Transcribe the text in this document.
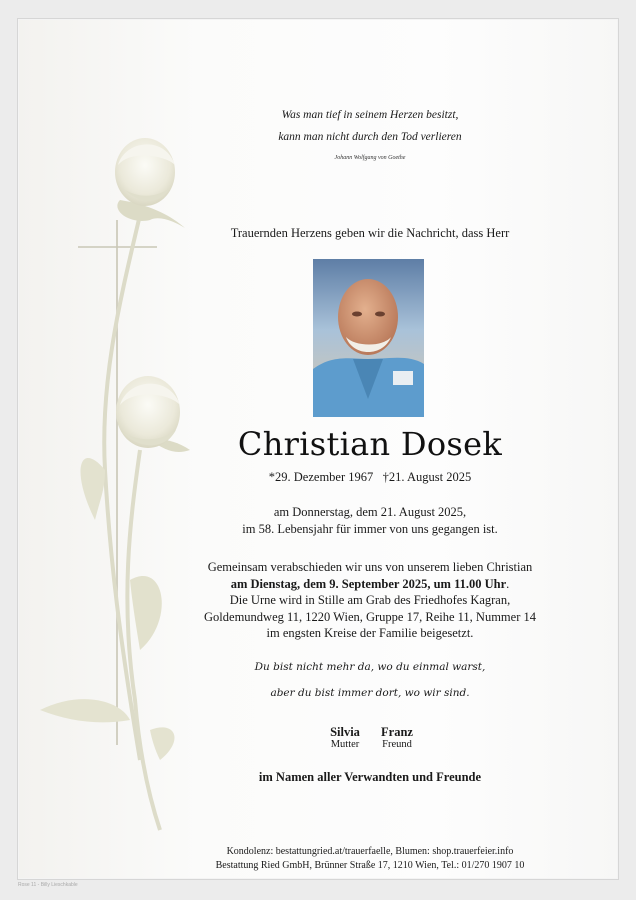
Was man tief in seinem Herzen besitzt,
kann man nicht durch den Tod verlieren
Johann Wolfgang von Goethe
Trauernden Herzens geben wir die Nachricht, dass Herr
Christian Dosek
*29. Dezember 1967 †21. August 2025
am Donnerstag, dem 21. August 2025,
im 58. Lebensjahr für immer von uns gegangen ist.
Gemeinsam verabschieden wir uns von unserem lieben Christian
am Dienstag, dem 9. September 2025, um 11.00 Uhr.
Die Urne wird in Stille am Grab des Friedhofes Kagran,
Goldemundweg 11, 1220 Wien, Gruppe 17, Reihe 11, Nummer 14
im engsten Kreise der Familie beigesetzt.
Du bist nicht mehr da, wo du einmal warst,
aber du bist immer dort, wo wir sind.
Silvia
Mutter
Franz
Freund
im Namen aller Verwandten und Freunde
Kondolenz: bestattungried.at/trauerfaelle, Blumen: shop.trauerfeier.info
Bestattung Ried GmbH, Brünner Straße 17, 1210 Wien, Tel.: 01/270 1907 10
Rose 11 - Billy Lieschkable
